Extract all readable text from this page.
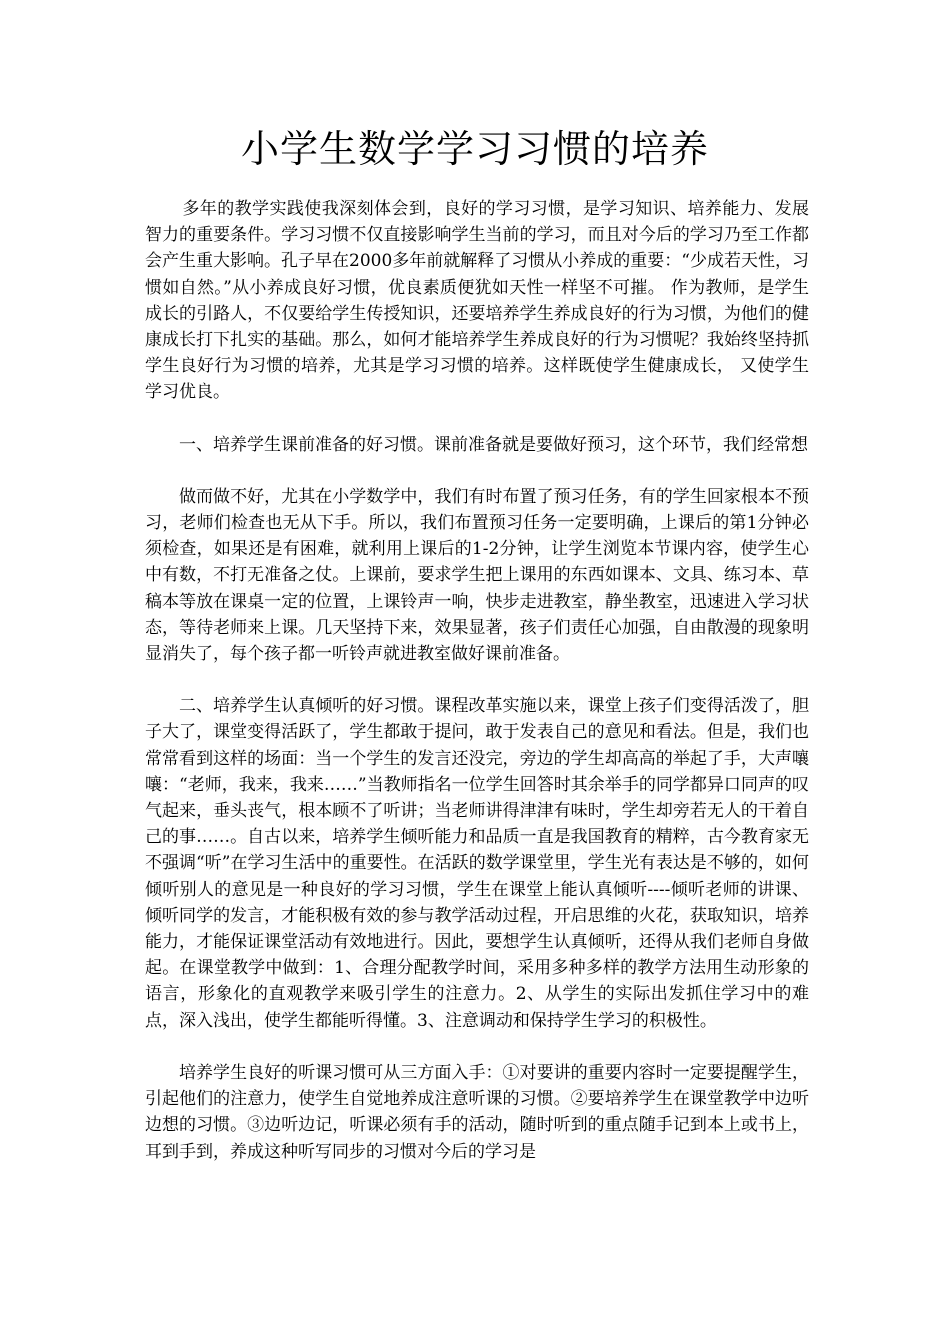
小学生数学学习习惯的培养

多年的教学实践使我深刻体会到，良好的学习习惯，是学习知识、培养能力、发展智力的重要条件。学习习惯不仅直接影响学生当前的学习，而且对今后的学习乃至工作都会产生重大影响。孔子早在2000多年前就解释了习惯从小养成的重要：“少成若天性，习惯如自然。”从小养成良好习惯，优良素质便犹如天性一样坚不可摧。 作为教师，是学生成长的引路人，不仅要给学生传授知识，还要培养学生养成良好的行为习惯，为他们的健康成长打下扎实的基础。那么，如何才能培养学生养成良好的行为习惯呢？我始终坚持抓学生良好行为习惯的培养，尤其是学习习惯的培养。这样既使学生健康成长， 又使学生学习优良。

一、培养学生课前准备的好习惯。课前准备就是要做好预习，这个环节，我们经常想

做而做不好，尤其在小学数学中，我们有时布置了预习任务，有的学生回家根本不预习，老师们检查也无从下手。所以，我们布置预习任务一定要明确，上课后的第1分钟必须检查，如果还是有困难，就利用上课后的1-2分钟，让学生浏览本节课内容，使学生心中有数，不打无准备之仗。上课前，要求学生把上课用的东西如课本、文具、练习本、草稿本等放在课桌一定的位置，上课铃声一响，快步走进教室，静坐教室，迅速进入学习状态，等待老师来上课。几天坚持下来，效果显著，孩子们责任心加强，自由散漫的现象明显消失了，每个孩子都一听铃声就进教室做好课前准备。

二、培养学生认真倾听的好习惯。课程改革实施以来，课堂上孩子们变得活泼了，胆子大了，课堂变得活跃了，学生都敢于提问，敢于发表自己的意见和看法。但是，我们也常常看到这样的场面：当一个学生的发言还没完，旁边的学生却高高的举起了手，大声嚷嚷：“老师，我来，我来……”当教师指名一位学生回答时其余举手的同学都异口同声的叹气起来，垂头丧气，根本顾不了听讲；当老师讲得津津有味时，学生却旁若无人的干着自己的事……。自古以来，培养学生倾听能力和品质一直是我国教育的精粹，古今教育家无不强调“听”在学习生活中的重要性。在活跃的数学课堂里，学生光有表达是不够的，如何倾听别人的意见是一种良好的学习习惯，学生在课堂上能认真倾听----倾听老师的讲课、倾听同学的发言，才能积极有效的参与教学活动过程，开启思维的火花，获取知识，培养能力，才能保证课堂活动有效地进行。因此，要想学生认真倾听，还得从我们老师自身做起。在课堂教学中做到：1、合理分配教学时间，采用多种多样的教学方法用生动形象的语言，形象化的直观教学来吸引学生的注意力。2、从学生的实际出发抓住学习中的难点，深入浅出，使学生都能听得懂。3、注意调动和保持学生学习的积极性。

培养学生良好的听课习惯可从三方面入手：①对要讲的重要内容时一定要提醒学生，引起他们的注意力，使学生自觉地养成注意听课的习惯。②要培养学生在课堂教学中边听边想的习惯。③边听边记，听课必须有手的活动，随时听到的重点随手记到本上或书上，耳到手到，养成这种听写同步的习惯对今后的学习是
